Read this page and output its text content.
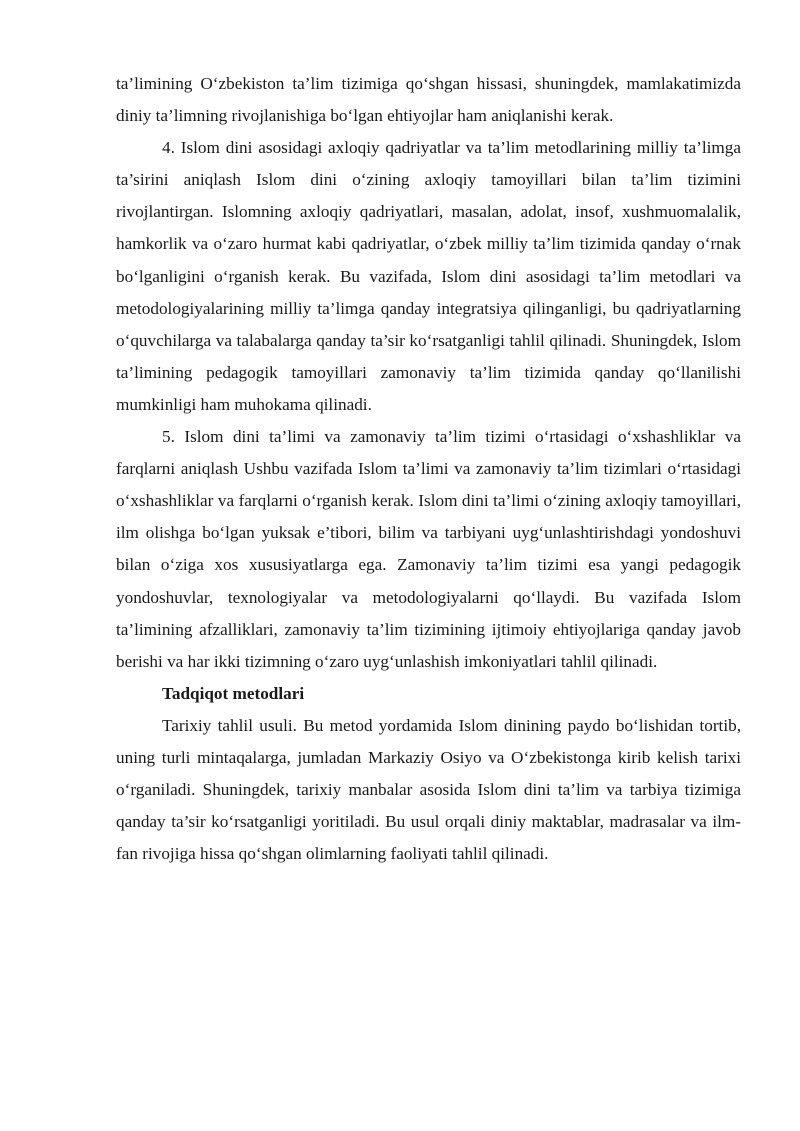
ta’limining O‘zbekiston ta’lim tizimiga qo‘shgan hissasi, shuningdek, mamlakatimizda diniy ta’limning rivojlanishiga bo‘lgan ehtiyojlar ham aniqlanishi kerak.

4. Islom dini asosidagi axloqiy qadriyatlar va ta’lim metodlarining milliy ta’limga ta’sirini aniqlash Islom dini o‘zining axloqiy tamoyillari bilan ta’lim tizimini rivojlantirgan. Islomning axloqiy qadriyatlari, masalan, adolat, insof, xushmuomalalik, hamkorlik va o‘zaro hurmat kabi qadriyatlar, o‘zbek milliy ta’lim tizimida qanday o‘rnak bo‘lganligini o‘rganish kerak. Bu vazifada, Islom dini asosidagi ta’lim metodlari va metodologiyalarining milliy ta’limga qanday integratsiya qilinganligi, bu qadriyatlarning o‘quvchilarga va talabalarga qanday ta’sir ko‘rsatganligi tahlil qilinadi. Shuningdek, Islom ta’limining pedagogik tamoyillari zamonaviy ta’lim tizimida qanday qo‘llanilishi mumkinligi ham muhokama qilinadi.

5. Islom dini ta’limi va zamonaviy ta’lim tizimi o‘rtasidagi o‘xshashliklar va farqlarni aniqlash Ushbu vazifada Islom ta’limi va zamonaviy ta’lim tizimlari o‘rtasidagi o‘xshashliklar va farqlarni o‘rganish kerak. Islom dini ta’limi o‘zining axloqiy tamoyillari, ilm olishga bo‘lgan yuksak e’tibori, bilim va tarbiyani uyg‘unlashtirishdagi yondoshuvi bilan o‘ziga xos xususiyatlarga ega. Zamonaviy ta’lim tizimi esa yangi pedagogik yondoshuvlar, texnologiyalar va metodologiyalarni qo‘llaydi. Bu vazifada Islom ta’limining afzalliklari, zamonaviy ta’lim tizimining ijtimoiy ehtiyojlariga qanday javob berishi va har ikki tizimning o‘zaro uyg‘unlashish imkoniyatlari tahlil qilinadi.

Tadqiqot metodlari

Tarixiy tahlil usuli. Bu metod yordamida Islom dinining paydo bo‘lishidan tortib, uning turli mintaqalarga, jumladan Markaziy Osiyo va O‘zbekistonga kirib kelish tarixi o‘rganiladi. Shuningdek, tarixiy manbalar asosida Islom dini ta’lim va tarbiya tizimiga qanday ta’sir ko‘rsatganligi yoritiladi. Bu usul orqali diniy maktablar, madrasalar va ilm-fan rivojiga hissa qo‘shgan olimlarning faoliyati tahlil qilinadi.
